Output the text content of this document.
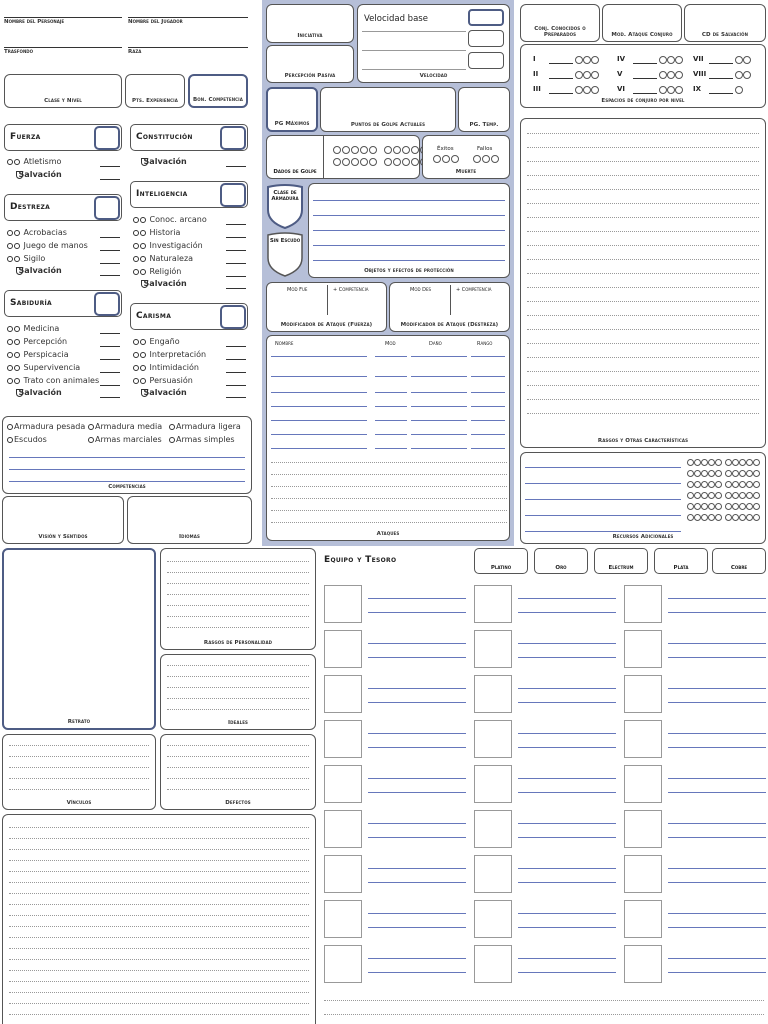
Nombre del Personaje	Nombre del Jugador
Trasfondo	Raza
Clase y Nivel	Pts. Experiencia	Bon. Competencia
Fuerza

Atletismo

Salvación
Destreza

Acrobacias

Juego de manos

Sigilo

Salvación
Sabiduría

Medicina

Percepción

Perspicacia

Supervivencia

Trato con animales

Salvación
Constitución

Salvación
Inteligencia

Conoc. arcano

Historia

Investigación

Naturaleza

Religión

Salvación
Carisma

Engaño

Interpretación

Intimidación

Persuasión

Salvación
Armadura pesada Armadura media Armadura ligera
Escudos	Armas marciales Armas simples
Competencias
Visión y Sentidos	Idiomas
Iniciativa
Percepción Pasiva
Velocidad base
Velocidad
PG Máximos	Puntos de Golpe Actuales	PG. Temp.

Dados de Golpe
Éxitos	Fallos
Muerte
Clase de Armadura
Sin Escudo
Objetos y efectos de protección
Mod Fue	+ Competencia
Modificador de Ataque (Fuerza)
Mod Des	+ Competencia
Modificador de Ataque (Destreza)
Nombre	Mod	Daño	Rango
Ataques
Conj. Conocidos o Preparados	Mod. Ataque Conjuro	CD de Salvación
Espacios de conjuro por nivel
I
II
III
IV
V
VI
VII
VIII
IX
Rasgos y Otras Características
Recursos Adicionales
Retrato
Rasgos de Personalidad
Ideales
Vínculos	Defectos
Equipo y Tesoro
Platino	Oro	Electrum	Plata	Cobre
